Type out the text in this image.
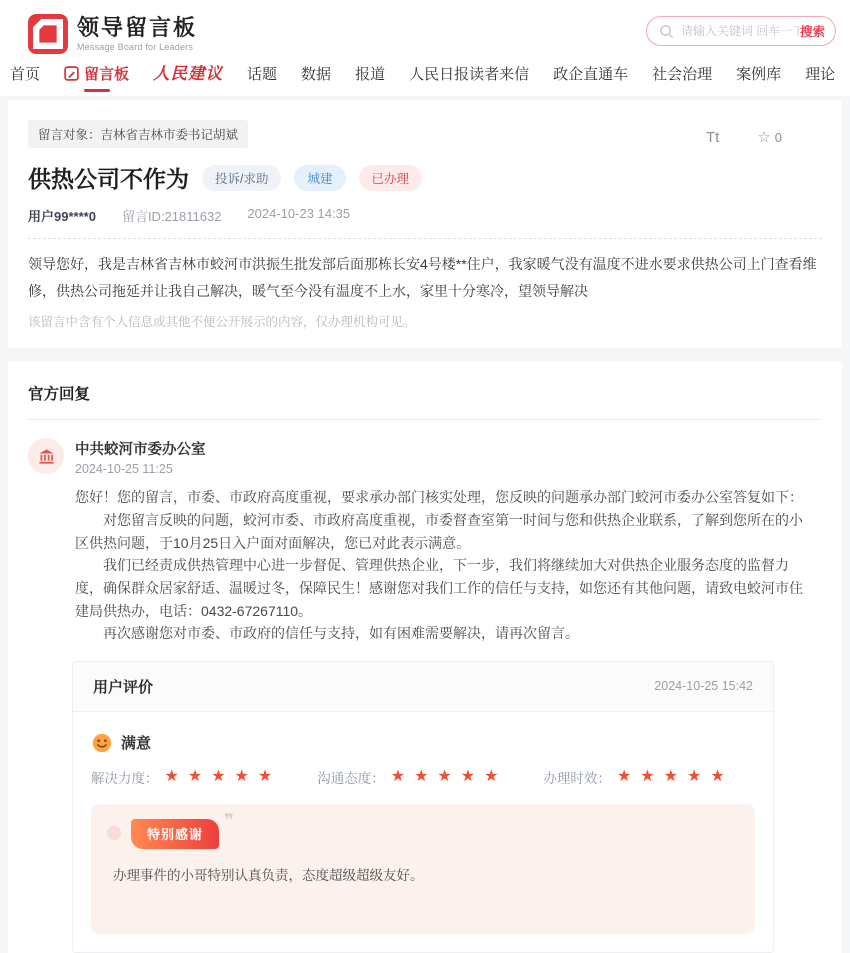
领导留言板
Message Board for Leaders
请输入关键词 回车一下
搜索
首页	留言板 人民建议 话题 数据 报道 人民日报读者来信 政企直通车 社会治理 案例库 理论
留言对象：吉林省吉林市委书记胡斌	Tt	☆ 0
供热公司不作为	投诉/求助	城建	已办理
用户99****0 留言ID:21811632 2024-10-23 14:35

领导您好，我是吉林省吉林市蛟河市洪振生批发部后面那栋长安4号楼**住户，我家暖气没有温度不进水要求供热公司上门查看维修，供热公司拖延并让我自己解决，暖气至今没有温度不上水，家里十分寒冷，望领导解决

该留言中含有个人信息或其他不便公开展示的内容，仅办理机构可见。

官方回复
中共蛟河市委办公室
2024-10-25 11:25

您好！您的留言，市委、市政府高度重视，要求承办部门核实处理，您反映的问题承办部门蛟河市委办公室答复如下：

对您留言反映的问题，蛟河市委、市政府高度重视，市委督查室第一时间与您和供热企业联系，了解到您所在的小区供热问题，于10月25日入户面对面解决，您已对此表示满意。

我们已经责成供热管理中心进一步督促、管理供热企业，下一步，我们将继续加大对供热企业服务态度的监督力度，确保群众居家舒适、温暖过冬，保障民生！感谢您对我们工作的信任与支持，如您还有其他问题，请致电蛟河市住建局供热办，电话：0432-67267110。

再次感谢您对市委、市政府的信任与支持，如有困难需要解决，请再次留言。

用户评价	2024-10-25 15:42
满意
解决力度： ★★★★★	沟通态度： ★★★★★	办理时效： ★★★★★
特别感谢
❞

办理事件的小哥特别认真负责，态度超级超级友好。
